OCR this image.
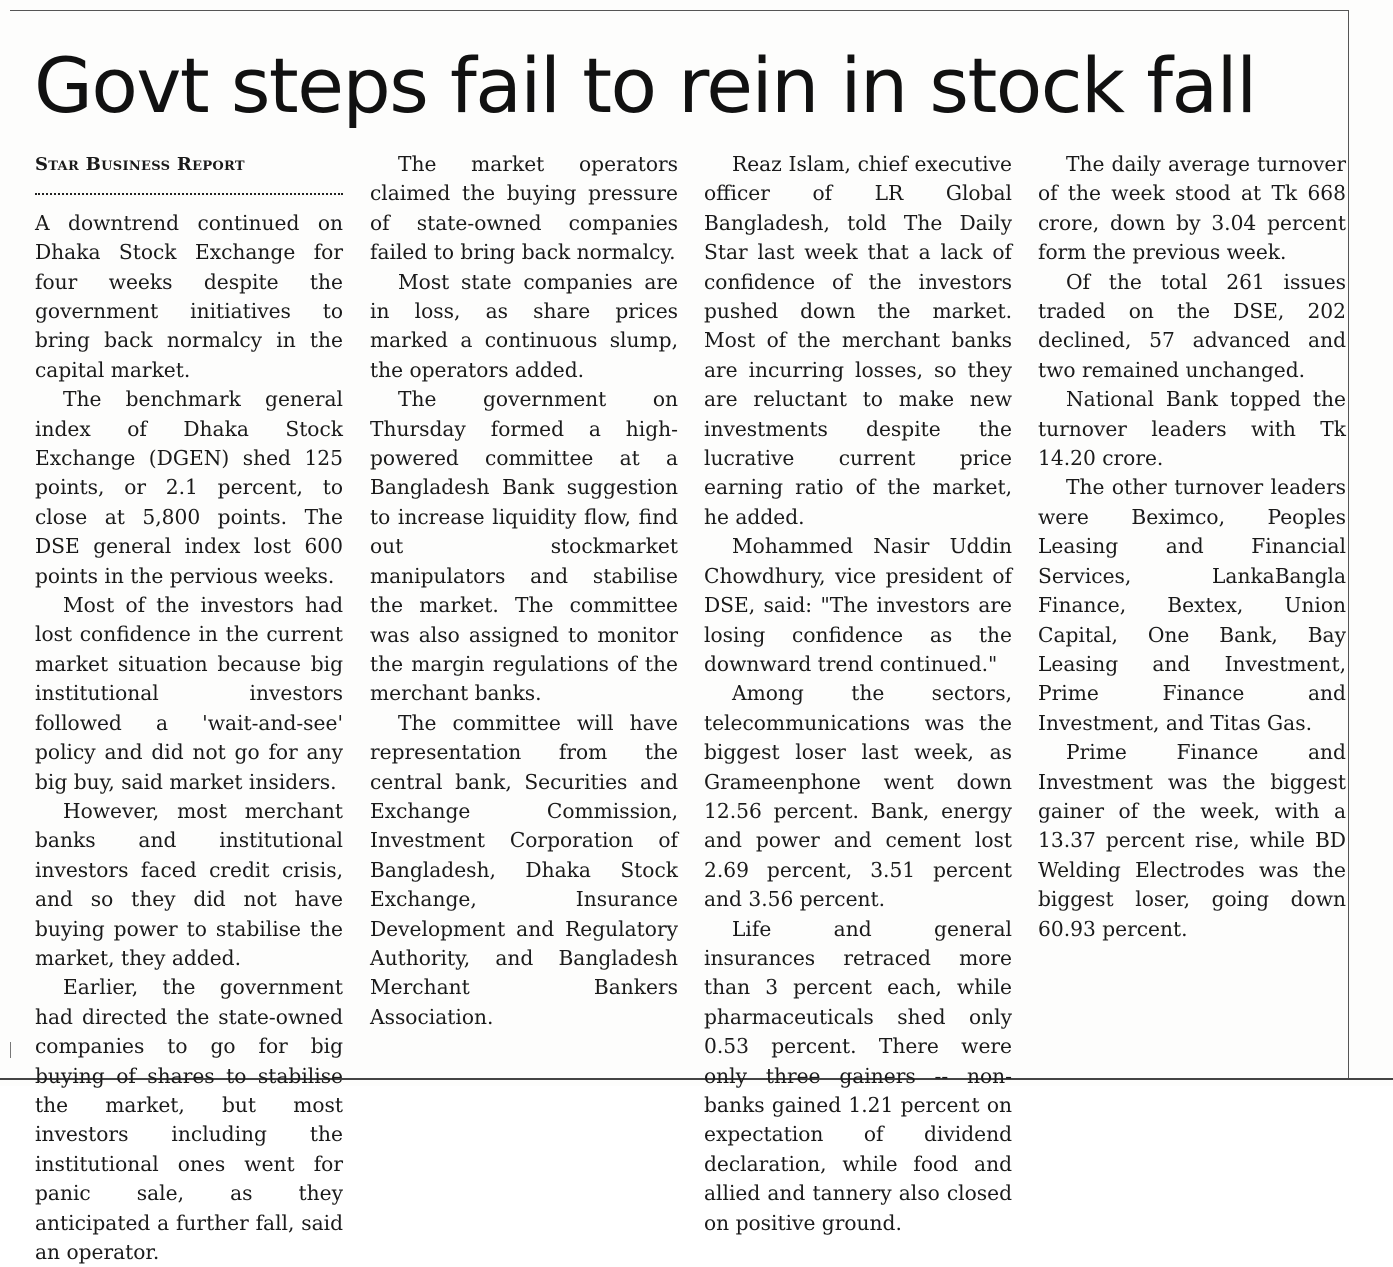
Govt steps fail to rein in stock fall
Star Business Report

A downtrend continued on Dhaka Stock Exchange for four weeks despite the government initiatives to bring back normalcy in the capital market.

The benchmark general index of Dhaka Stock Exchange (DGEN) shed 125 points, or 2.1 percent, to close at 5,800 points. The DSE general index lost 600 points in the pervious weeks.

Most of the investors had lost confidence in the current market situation because big institutional investors followed a 'wait-and-see' policy and did not go for any big buy, said market insiders.

However, most merchant banks and institutional investors faced credit crisis, and so they did not have buying power to stabilise the market, they added.

Earlier, the government had directed the state-owned companies to go for big buying of shares to stabilise the market, but most investors including the institutional ones went for panic sale, as they anticipated a further fall, said an operator.

The market operators claimed the buying pressure of state-owned companies failed to bring back normalcy.

Most state companies are in loss, as share prices marked a continuous slump, the operators added.

The government on Thursday formed a high-powered committee at a Bangladesh Bank suggestion to increase liquidity flow, find out stockmarket manipulators and stabilise the market. The committee was also assigned to monitor the margin regulations of the merchant banks.

The committee will have representation from the central bank, Securities and Exchange Commission, Investment Corporation of Bangladesh, Dhaka Stock Exchange, Insurance Development and Regulatory Authority, and Bangladesh Merchant Bankers Association.

Reaz Islam, chief executive officer of LR Global Bangladesh, told The Daily Star last week that a lack of confidence of the investors pushed down the market. Most of the merchant banks are incurring losses, so they are reluctant to make new investments despite the lucrative current price earning ratio of the market, he added.

Mohammed Nasir Uddin Chowdhury, vice president of DSE, said: "The investors are losing confidence as the downward trend continued."

Among the sectors, telecommunications was the biggest loser last week, as Grameenphone went down 12.56 percent. Bank, energy and power and cement lost 2.69 percent, 3.51 percent and 3.56 percent.

Life and general insurances retraced more than 3 percent each, while pharmaceuticals shed only 0.53 percent. There were only three gainers -- non-banks gained 1.21 percent on expectation of dividend declaration, while food and allied and tannery also closed on positive ground.

The daily average turnover of the week stood at Tk 668 crore, down by 3.04 percent form the previous week.

Of the total 261 issues traded on the DSE, 202 declined, 57 advanced and two remained unchanged.

National Bank topped the turnover leaders with Tk 14.20 crore.

The other turnover leaders were Beximco, Peoples Leasing and Financial Services, LankaBangla Finance, Bextex, Union Capital, One Bank, Bay Leasing and Investment, Prime Finance and Investment, and Titas Gas.

Prime Finance and Investment was the biggest gainer of the week, with a 13.37 percent rise, while BD Welding Electrodes was the biggest loser, going down 60.93 percent.
